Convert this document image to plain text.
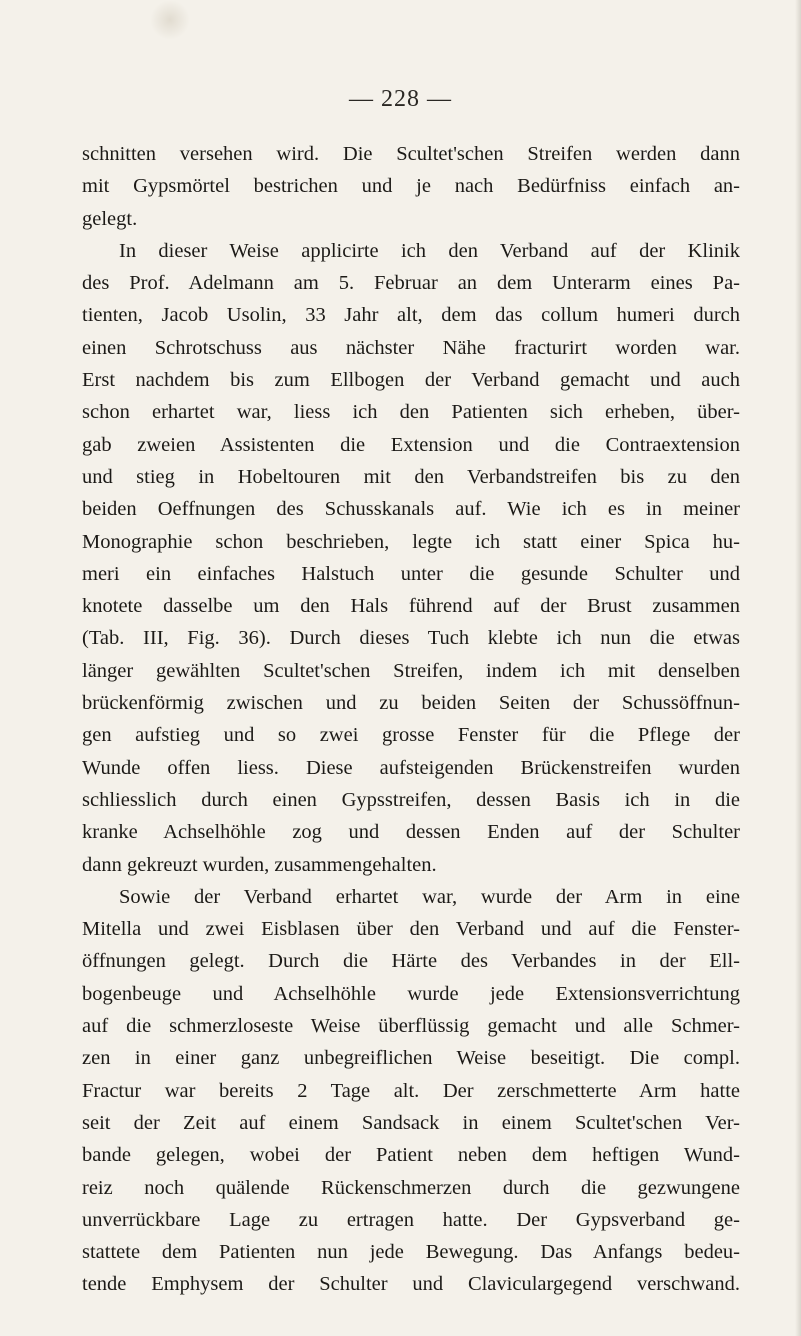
— 228 —
schnitten versehen wird. Die Scultet'schen Streifen werden dann
mit Gypsmörtel bestrichen und je nach Bedürfniss einfach an-
gelegt.
In dieser Weise applicirte ich den Verband auf der Klinik
des Prof. Adelmann am 5. Februar an dem Unterarm eines Pa-
tienten, Jacob Usolin, 33 Jahr alt, dem das collum humeri durch
einen Schrotschuss aus nächster Nähe fracturirt worden war.
Erst nachdem bis zum Ellbogen der Verband gemacht und auch
schon erhartet war, liess ich den Patienten sich erheben, über-
gab zweien Assistenten die Extension und die Contraextension
und stieg in Hobeltouren mit den Verbandstreifen bis zu den
beiden Oeffnungen des Schusskanals auf. Wie ich es in meiner
Monographie schon beschrieben, legte ich statt einer Spica hu-
meri ein einfaches Halstuch unter die gesunde Schulter und
knotete dasselbe um den Hals führend auf der Brust zusammen
(Tab. III, Fig. 36). Durch dieses Tuch klebte ich nun die etwas
länger gewählten Scultet'schen Streifen, indem ich mit denselben
brückenförmig zwischen und zu beiden Seiten der Schussöffnun-
gen aufstieg und so zwei grosse Fenster für die Pflege der
Wunde offen liess. Diese aufsteigenden Brückenstreifen wurden
schliesslich durch einen Gypsstreifen, dessen Basis ich in die
kranke Achselhöhle zog und dessen Enden auf der Schulter
dann gekreuzt wurden, zusammengehalten.
Sowie der Verband erhartet war, wurde der Arm in eine
Mitella und zwei Eisblasen über den Verband und auf die Fenster-
öffnungen gelegt. Durch die Härte des Verbandes in der Ell-
bogenbeuge und Achselhöhle wurde jede Extensionsverrichtung
auf die schmerzloseste Weise überflüssig gemacht und alle Schmer-
zen in einer ganz unbegreiflichen Weise beseitigt. Die compl.
Fractur war bereits 2 Tage alt. Der zerschmetterte Arm hatte
seit der Zeit auf einem Sandsack in einem Scultet'schen Ver-
bande gelegen, wobei der Patient neben dem heftigen Wund-
reiz noch quälende Rückenschmerzen durch die gezwungene
unverrückbare Lage zu ertragen hatte. Der Gypsverband ge-
stattete dem Patienten nun jede Bewegung. Das Anfangs bedeu-
tende Emphysem der Schulter und Claviculargegend verschwand.
